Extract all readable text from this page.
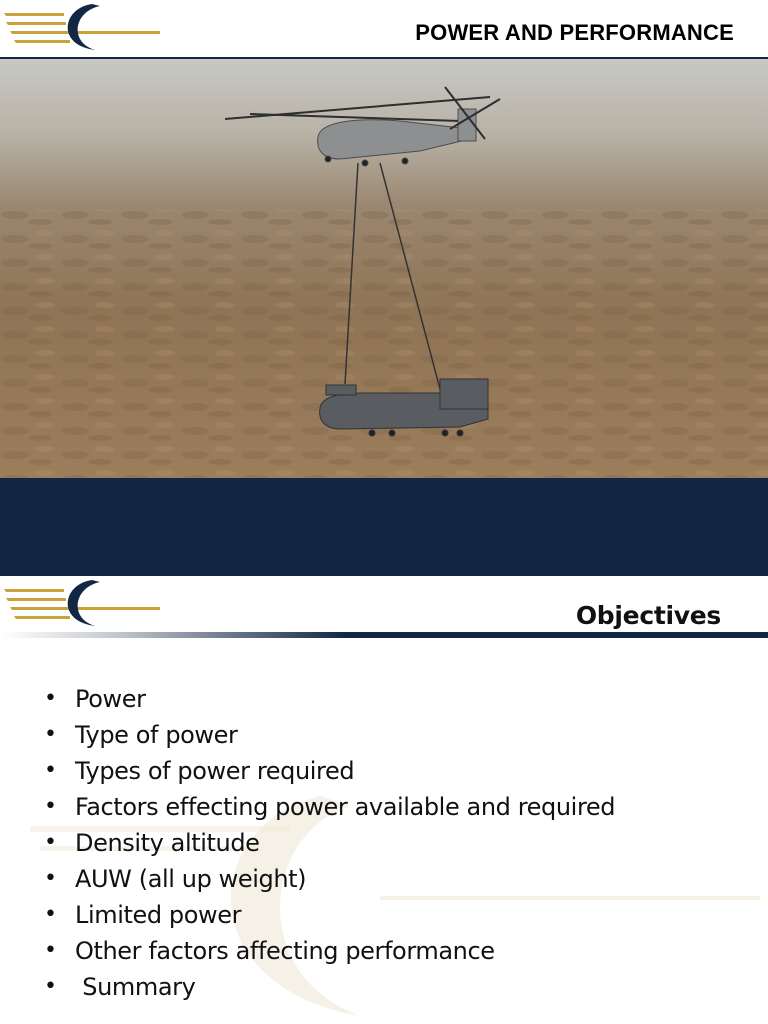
POWER AND PERFORMANCE
Objectives
• Power
• Type of power
• Types of power required
• Factors effecting power available and required
• Density altitude
• AUW (all up weight)
• Limited power
• Other factors affecting performance
• Summary
